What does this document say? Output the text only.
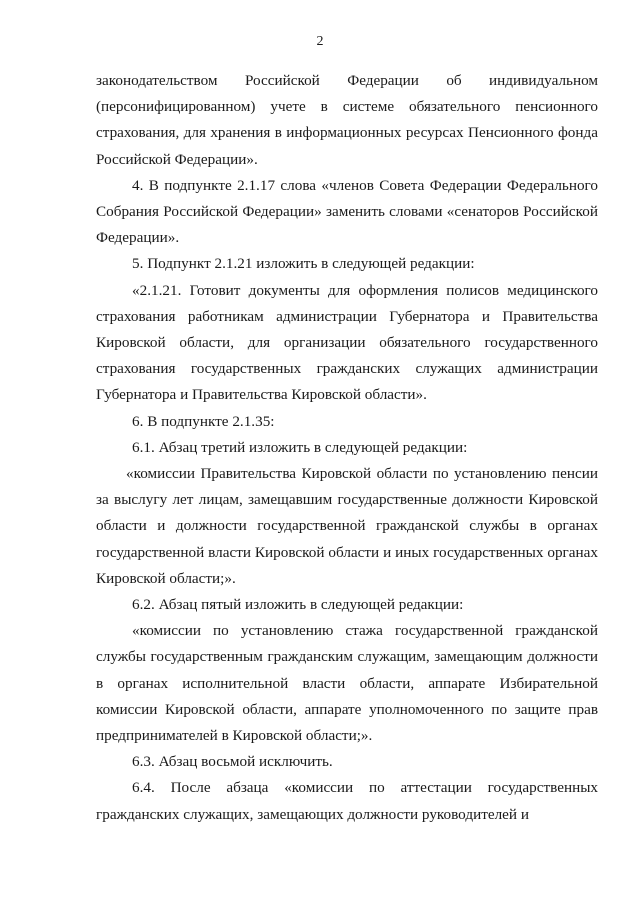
2

законодательством Российской Федерации об индивидуальном (персонифицированном) учете в системе обязательного пенсионного страхования, для хранения в информационных ресурсах Пенсионного фонда Российской Федерации».

4. В подпункте 2.1.17 слова «членов Совета Федерации Федерального Собрания Российской Федерации» заменить словами «сенаторов Российской Федерации».

5. Подпункт 2.1.21 изложить в следующей редакции:

«2.1.21. Готовит документы для оформления полисов медицинского страхования работникам администрации Губернатора и Правительства Кировской области, для организации обязательного государственного страхования государственных гражданских служащих администрации Губернатора и Правительства Кировской области».

6. В подпункте 2.1.35:

6.1. Абзац третий изложить в следующей редакции:

«комиссии Правительства Кировской области по установлению пенсии за выслугу лет лицам, замещавшим государственные должности Кировской области и должности государственной гражданской службы в органах государственной власти Кировской области и иных государственных органах Кировской области;».

6.2. Абзац пятый изложить в следующей редакции:

«комиссии по установлению стажа государственной гражданской службы государственным гражданским служащим, замещающим должности в органах исполнительной власти области, аппарате Избирательной комиссии Кировской области, аппарате уполномоченного по защите прав предпринимателей в Кировской области;».

6.3. Абзац восьмой исключить.

6.4. После абзаца «комиссии по аттестации государственных гражданских служащих, замещающих должности руководителей и
